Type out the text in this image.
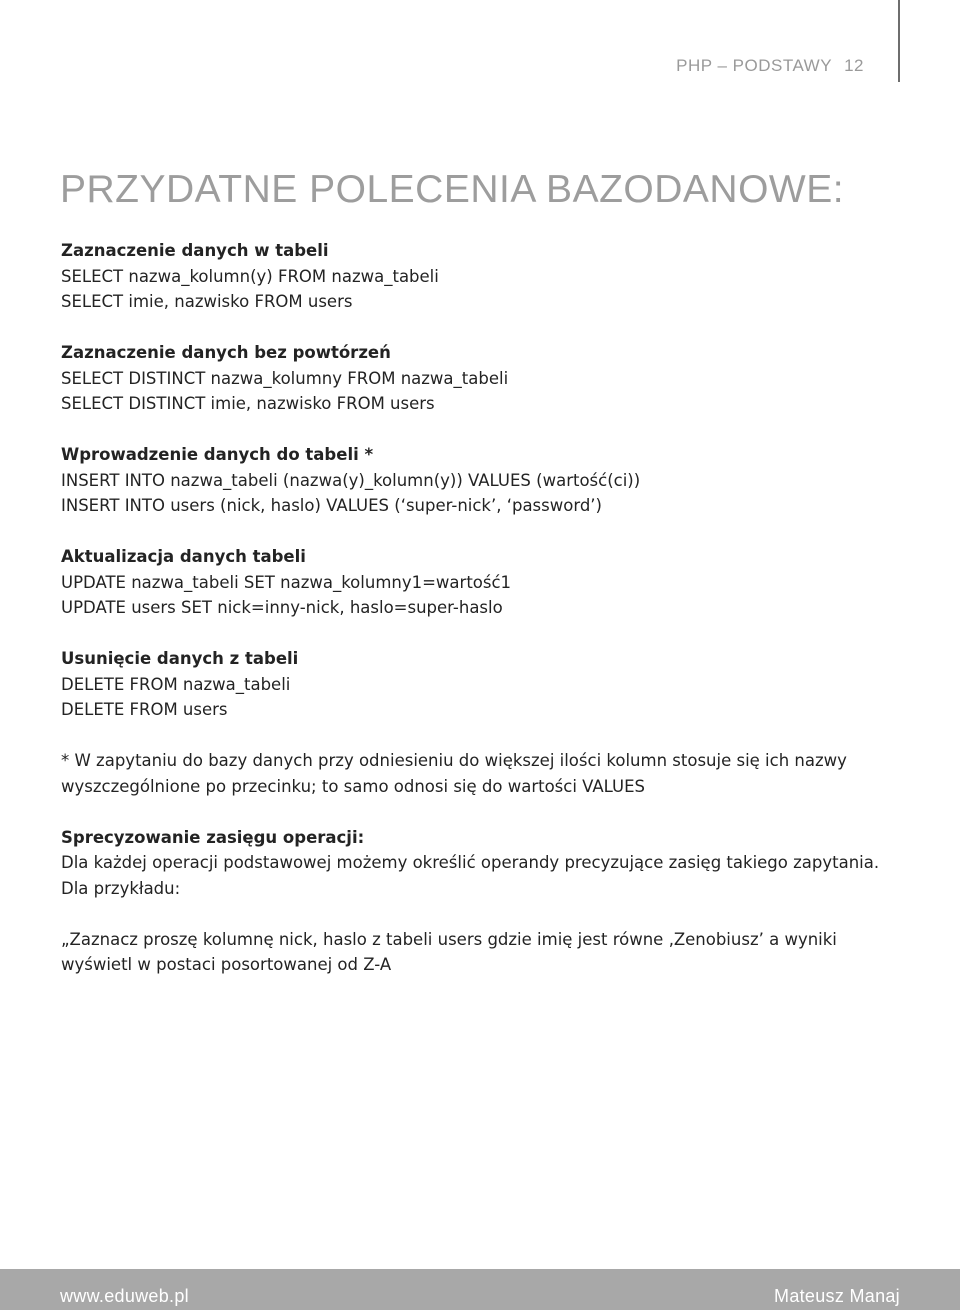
PHP – PODSTAWY 12
PRZYDATNE POLECENIA BAZODANOWE:
Zaznaczenie danych w tabeli
SELECT nazwa_kolumn(y) FROM nazwa_tabeli
SELECT imie, nazwisko FROM users
Zaznaczenie danych bez powtórzeń
SELECT DISTINCT nazwa_kolumny FROM nazwa_tabeli
SELECT DISTINCT imie, nazwisko FROM users
Wprowadzenie danych do tabeli *
INSERT INTO nazwa_tabeli (nazwa(y)_kolumn(y)) VALUES (wartość(ci))
INSERT INTO users (nick, haslo) VALUES (‘super-nick’, ‘password’)
Aktualizacja danych tabeli
UPDATE nazwa_tabeli SET nazwa_kolumny1=wartość1
UPDATE users SET nick=inny-nick, haslo=super-haslo
Usunięcie danych z tabeli
DELETE FROM nazwa_tabeli
DELETE FROM users
* W zapytaniu do bazy danych przy odniesieniu do większej ilości kolumn stosuje się ich nazwy
wyszczególnione po przecinku; to samo odnosi się do wartości VALUES
Sprecyzowanie zasięgu operacji:
Dla każdej operacji podstawowej możemy określić operandy precyzujące zasięg takiego zapytania.
Dla przykładu:
„Zaznacz proszę kolumnę nick, haslo z tabeli users gdzie imię jest równe ‚Zenobiusz’ a wyniki
wyświetl w postaci posortowanej od Z-A
www.eduweb.pl	Mateusz Manaj
